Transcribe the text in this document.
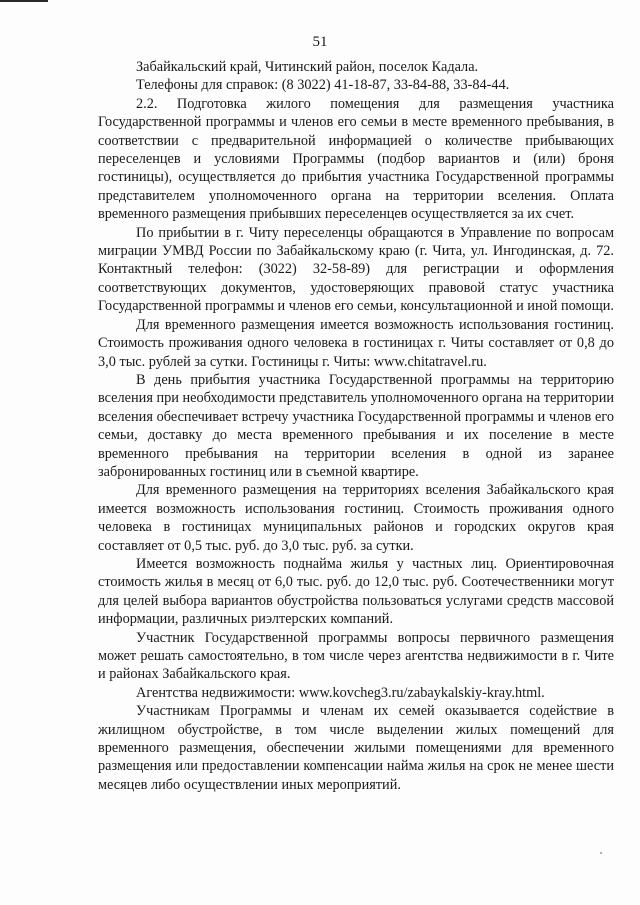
51

Забайкальский край, Читинский район, поселок Кадала.

Телефоны для справок: (8 3022) 41-18-87, 33-84-88, 33-84-44.

2.2. Подготовка жилого помещения для размещения участника Государственной программы и членов его семьи в месте временного пребывания, в соответствии с предварительной информацией о количестве прибывающих переселенцев и условиями Программы (подбор вариантов и (или) броня гостиницы), осуществляется до прибытия участника Государственной программы представителем уполномоченного органа на территории вселения. Оплата временного размещения прибывших переселенцев осуществляется за их счет.

По прибытии в г. Читу переселенцы обращаются в Управление по вопросам миграции УМВД России по Забайкальскому краю (г. Чита, ул. Ингодинская, д. 72. Контактный телефон: (3022) 32-58-89) для регистрации и оформления соответствующих документов, удостоверяющих правовой статус участника Государственной программы и членов его семьи, консультационной и иной помощи.

Для временного размещения имеется возможность использования гостиниц. Стоимость проживания одного человека в гостиницах г. Читы составляет от 0,8 до 3,0 тыс. рублей за сутки. Гостиницы г. Читы: www.chitatravel.ru.

В день прибытия участника Государственной программы на территорию вселения при необходимости представитель уполномоченного органа на территории вселения обеспечивает встречу участника Государственной программы и членов его семьи, доставку до места временного пребывания и их поселение в месте временного пребывания на территории вселения в одной из заранее забронированных гостиниц или в съемной квартире.

Для временного размещения на территориях вселения Забайкальского края имеется возможность использования гостиниц. Стоимость проживания одного человека в гостиницах муниципальных районов и городских округов края составляет от 0,5 тыс. руб. до 3,0 тыс. руб. за сутки.

Имеется возможность поднайма жилья у частных лиц. Ориентировочная стоимость жилья в месяц от 6,0 тыс. руб. до 12,0 тыс. руб. Соотечественники могут для целей выбора вариантов обустройства пользоваться услугами средств массовой информации, различных риэлтерских компаний.

Участник Государственной программы вопросы первичного размещения может решать самостоятельно, в том числе через агентства недвижимости в г. Чите и районах Забайкальского края.

Агентства недвижимости: www.kovcheg3.ru/zabaykalskiy-kray.html.

Участникам Программы и членам их семей оказывается содействие в жилищном обустройстве, в том числе выделении жилых помещений для временного размещения, обеспечении жилыми помещениями для временного размещения или предоставлении компенсации найма жилья на срок не менее шести месяцев либо осуществлении иных мероприятий.
